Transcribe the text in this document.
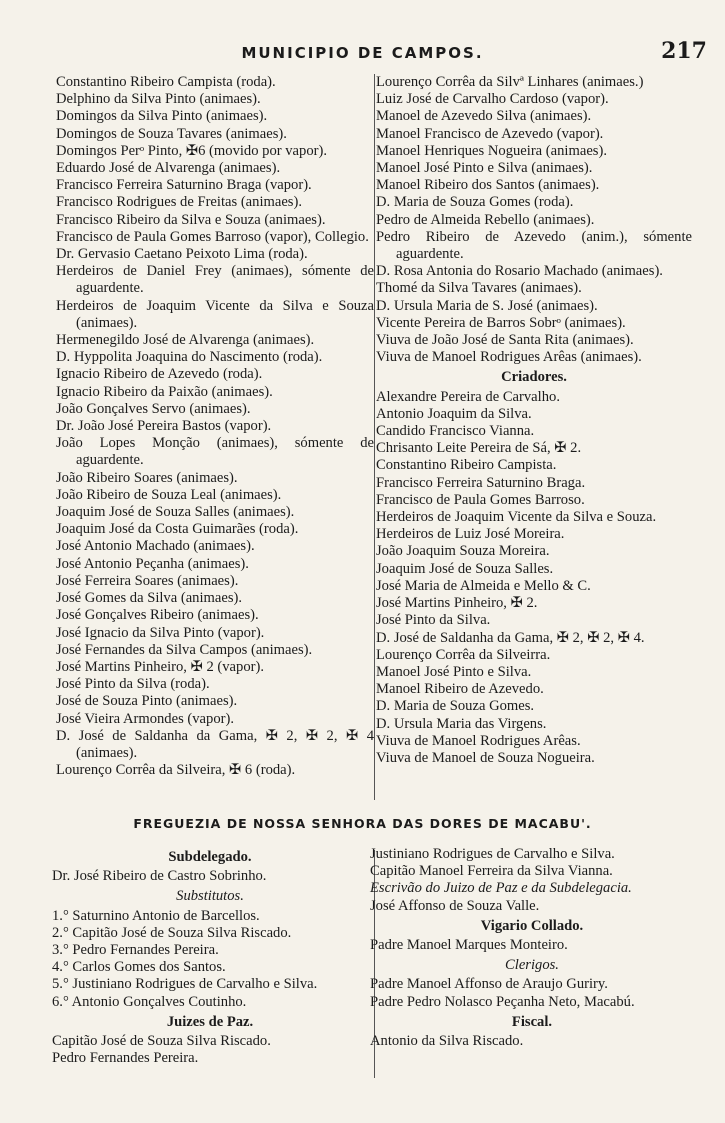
MUNICIPIO DE CAMPOS.	217

Constantino Ribeiro Campista (roda).

Delphino da Silva Pinto (animaes).

Domingos da Silva Pinto (animaes).

Domingos de Souza Tavares (animaes).

Domingos Perᵒ Pinto, ✠6 (movido por vapor).

Eduardo José de Alvarenga (animaes).

Francisco Ferreira Saturnino Braga (vapor).

Francisco Rodrigues de Freitas (animaes).

Francisco Ribeiro da Silva e Souza (animaes).

Francisco de Paula Gomes Barroso (vapor), Collegio.

Dr. Gervasio Caetano Peixoto Lima (roda).

Herdeiros de Daniel Frey (animaes), sómente de aguardente.

Herdeiros de Joaquim Vicente da Silva e Souza (animaes).

Hermenegildo José de Alvarenga (animaes).

D. Hyppolita Joaquina do Nascimento (roda).

Ignacio Ribeiro de Azevedo (roda).

Ignacio Ribeiro da Paixão (animaes).

João Gonçalves Servo (animaes).

Dr. João José Pereira Bastos (vapor).

João Lopes Monção (animaes), sómente de aguardente.

João Ribeiro Soares (animaes).

João Ribeiro de Souza Leal (animaes).

Joaquim José de Souza Salles (animaes).

Joaquim José da Costa Guimarães (roda).

José Antonio Machado (animaes).

José Antonio Peçanha (animaes).

José Ferreira Soares (animaes).

José Gomes da Silva (animaes).

José Gonçalves Ribeiro (animaes).

José Ignacio da Silva Pinto (vapor).

José Fernandes da Silva Campos (animaes).

José Martins Pinheiro, ✠ 2 (vapor).

José Pinto da Silva (roda).

José de Souza Pinto (animaes).

José Vieira Armondes (vapor).

D. José de Saldanha da Gama, ✠ 2, ✠ 2, ✠ 4 (animaes).

Lourenço Corrêa da Silveira, ✠ 6 (roda).

Lourenço Corrêa da Silvª Linhares (animaes.)

Luiz José de Carvalho Cardoso (vapor).

Manoel de Azevedo Silva (animaes).

Manoel Francisco de Azevedo (vapor).

Manoel Henriques Nogueira (animaes).

Manoel José Pinto e Silva (animaes).

Manoel Ribeiro dos Santos (animaes).

D. Maria de Souza Gomes (roda).

Pedro de Almeida Rebello (animaes).

Pedro Ribeiro de Azevedo (anim.), sómente aguardente.

D. Rosa Antonia do Rosario Machado (animaes).

Thomé da Silva Tavares (animaes).

D. Ursula Maria de S. José (animaes).

Vicente Pereira de Barros Sobrᵒ (animaes).

Viuva de João José de Santa Rita (animaes).

Viuva de Manoel Rodrigues Arêas (animaes).

Criadores.

Alexandre Pereira de Carvalho.

Antonio Joaquim da Silva.

Candido Francisco Vianna.

Chrisanto Leite Pereira de Sá, ✠ 2.

Constantino Ribeiro Campista.

Francisco Ferreira Saturnino Braga.

Francisco de Paula Gomes Barroso.

Herdeiros de Joaquim Vicente da Silva e Souza.

Herdeiros de Luiz José Moreira.

João Joaquim Souza Moreira.

Joaquim José de Souza Salles.

José Maria de Almeida e Mello & C.

José Martins Pinheiro, ✠ 2.

José Pinto da Silva.

D. José de Saldanha da Gama, ✠ 2, ✠ 2, ✠ 4.

Lourenço Corrêa da Silveirra.

Manoel José Pinto e Silva.

Manoel Ribeiro de Azevedo.

D. Maria de Souza Gomes.

D. Ursula Maria das Virgens.

Viuva de Manoel Rodrigues Arêas.

Viuva de Manoel de Souza Nogueira.

FREGUEZIA DE NOSSA SENHORA DAS DORES DE MACABU'.
Subdelegado.

Dr. José Ribeiro de Castro Sobrinho.

Substitutos.

1.° Saturnino Antonio de Barcellos.

2.° Capitão José de Souza Silva Riscado.

3.° Pedro Fernandes Pereira.

4.° Carlos Gomes dos Santos.

5.° Justiniano Rodrigues de Carvalho e Silva.

6.° Antonio Gonçalves Coutinho.

Juizes de Paz.

Capitão José de Souza Silva Riscado.

Pedro Fernandes Pereira.

Justiniano Rodrigues de Carvalho e Silva.

Capitão Manoel Ferreira da Silva Vianna.

Escrivão do Juizo de Paz e da Subdelegacia.

José Affonso de Souza Valle.

Vigario Collado.

Padre Manoel Marques Monteiro.

Clerigos.

Padre Manoel Affonso de Araujo Guriry.

Padre Pedro Nolasco Peçanha Neto, Macabú.

Fiscal.

Antonio da Silva Riscado.
